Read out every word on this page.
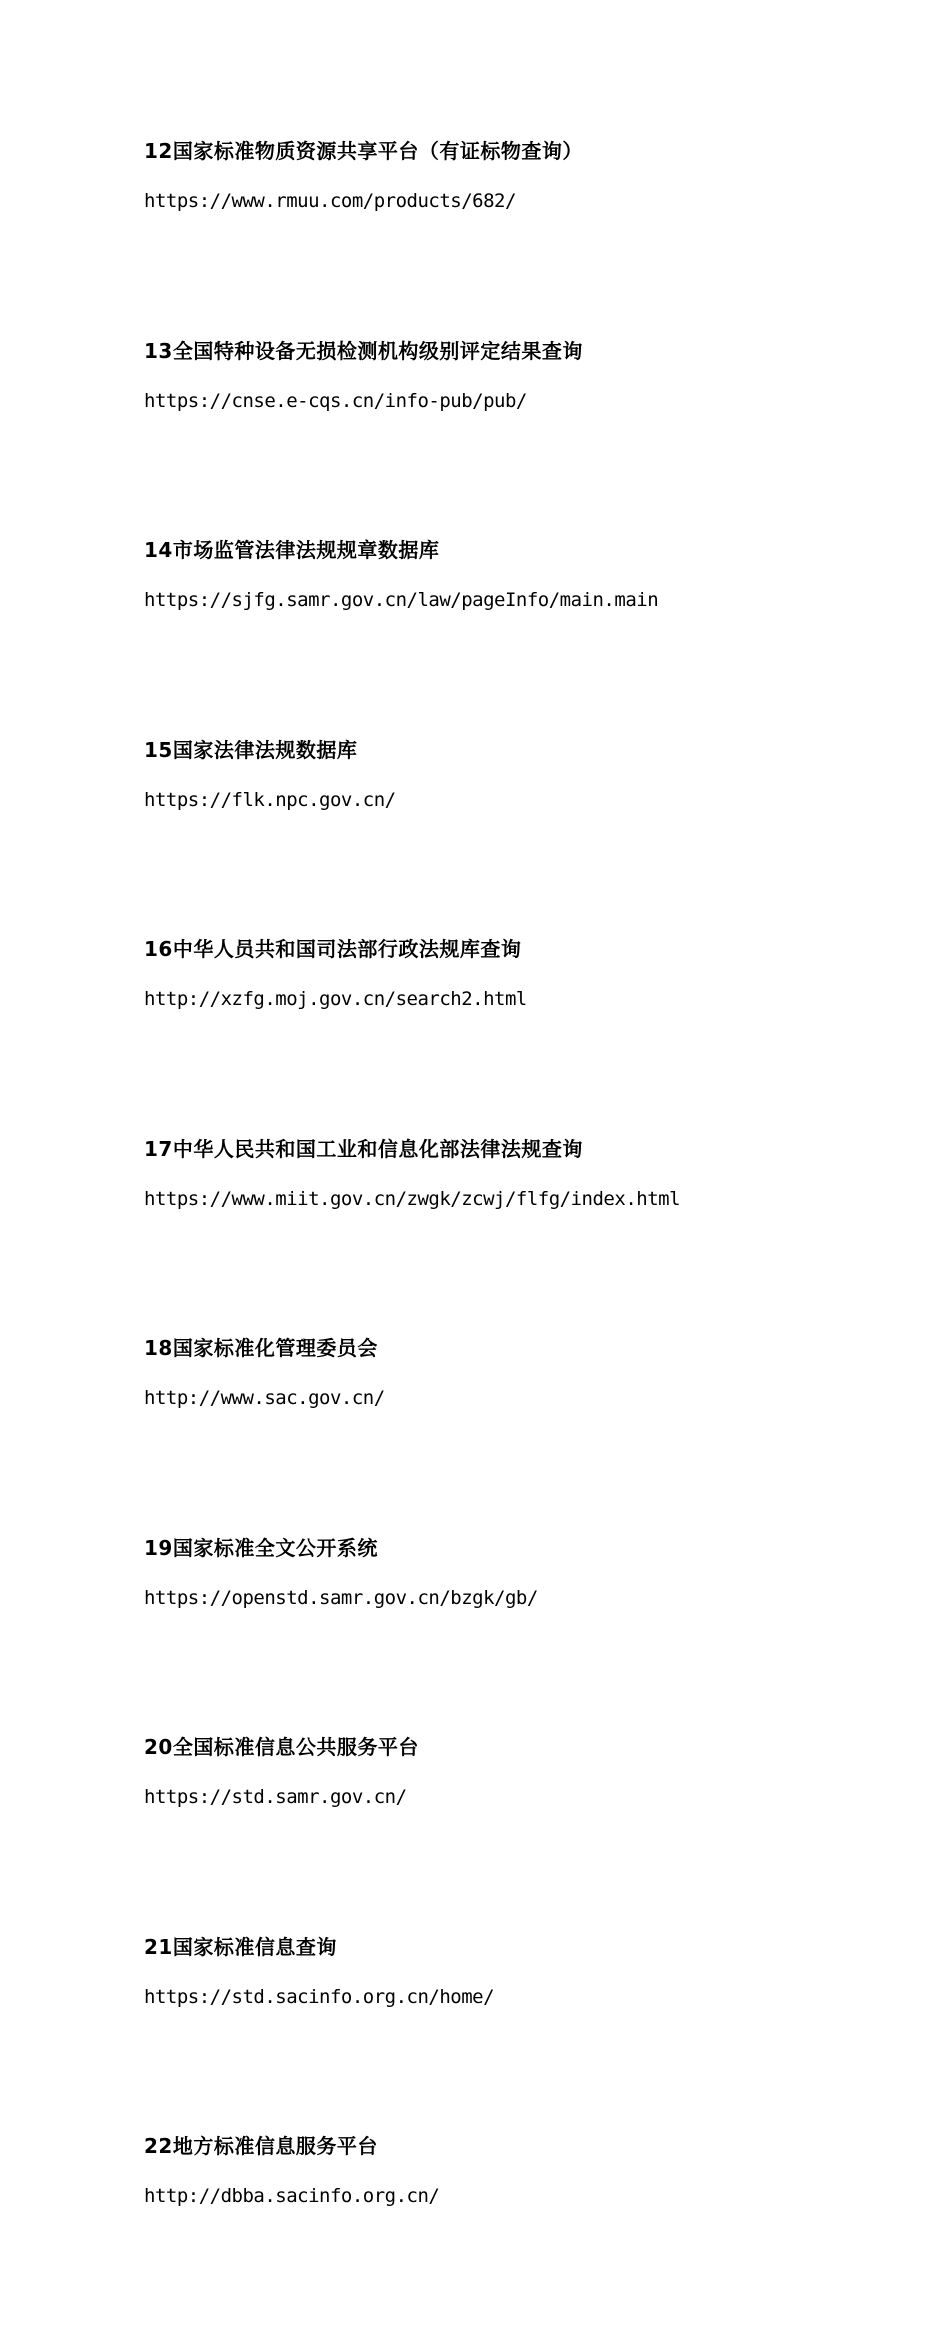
12国家标准物质资源共享平台（有证标物查询）
https://www.rmuu.com/products/682/
13全国特种设备无损检测机构级别评定结果查询
https://cnse.e-cqs.cn/info-pub/pub/
14市场监管法律法规规章数据库
https://sjfg.samr.gov.cn/law/pageInfo/main.main
15国家法律法规数据库
https://flk.npc.gov.cn/
16中华人员共和国司法部行政法规库查询
http://xzfg.moj.gov.cn/search2.html
17中华人民共和国工业和信息化部法律法规查询
https://www.miit.gov.cn/zwgk/zcwj/flfg/index.html
18国家标准化管理委员会
http://www.sac.gov.cn/
19国家标准全文公开系统
https://openstd.samr.gov.cn/bzgk/gb/
20全国标准信息公共服务平台
https://std.samr.gov.cn/
21国家标准信息查询
https://std.sacinfo.org.cn/home/
22地方标准信息服务平台
http://dbba.sacinfo.org.cn/
